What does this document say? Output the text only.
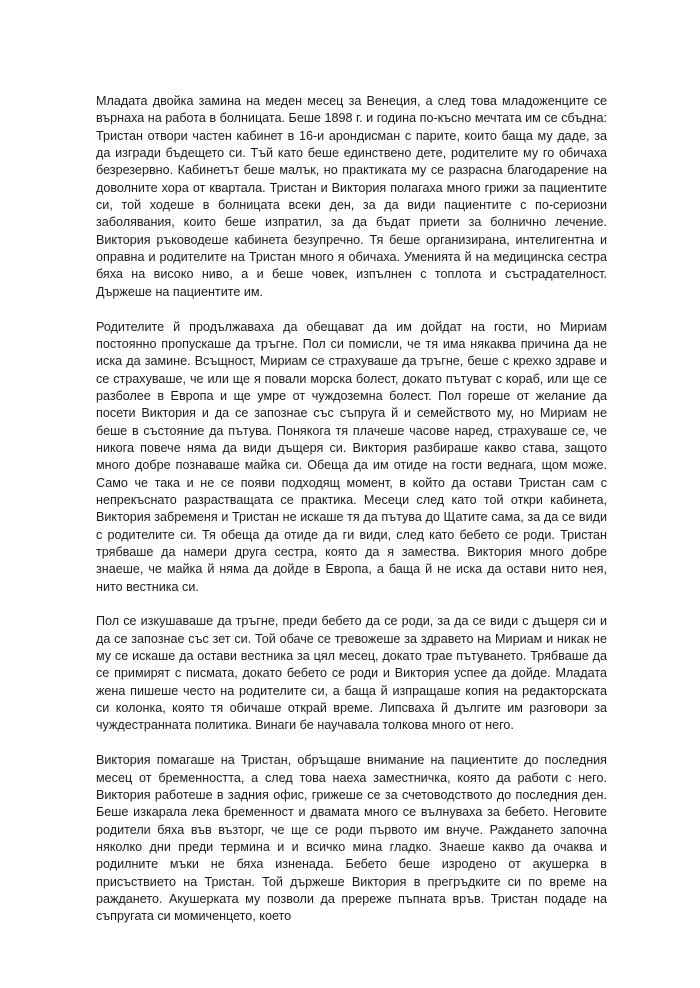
Младата двойка замина на меден месец за Венеция, а след това младоженците се върнаха на работа в болницата. Беше 1898 г. и година по-късно мечтата им се сбъдна: Тристан отвори частен кабинет в 16-и арондисман с парите, които баща му даде, за да изгради бъдещето си. Тъй като беше единствено дете, родителите му го обичаха безрезервно. Кабинетът беше малък, но практиката му се разрасна благодарение на доволните хора от квартала. Тристан и Виктория полагаха много грижи за пациентите си, той ходеше в болницата всеки ден, за да види пациентите с по-сериозни заболявания, които беше изпратил, за да бъдат приети за болнично лечение. Виктория ръководеше кабинета безупречно. Тя беше организирана, интелигентна и оправна и родителите на Тристан много я обичаха. Уменията й на медицинска сестра бяха на високо ниво, а и беше човек, изпълнен с топлота и състрадателност. Държеше на пациентите им.

Родителите й продължаваха да обещават да им дойдат на гости, но Мириам постоянно пропускаше да тръгне. Пол си помисли, че тя има някаква причина да не иска да замине. Всъщност, Мириам се страхуваше да тръгне, беше с крехко здраве и се страхуваше, че или ще я повали морска болест, докато пътуват с кораб, или ще се разболее в Европа и ще умре от чуждоземна болест. Пол гореше от желание да посети Виктория и да се запознае със съпруга й и семейството му, но Мириам не беше в състояние да пътува. Понякога тя плачеше часове наред, страхуваше се, че никога повече няма да види дъщеря си. Виктория разбираше какво става, защото много добре познаваше майка си. Обеща да им отиде на гости веднага, щом може. Само че така и не се появи подходящ момент, в който да остави Тристан сам с непрекъснато разрастващата се практика. Месеци след като той откри кабинета, Виктория забременя и Тристан не искаше тя да пътува до Щатите сама, за да се види с родителите си. Тя обеща да отиде да ги види, след като бебето се роди. Тристан трябваше да намери друга сестра, която да я замества. Виктория много добре знаеше, че майка й няма да дойде в Европа, а баща й не иска да остави нито нея, нито вестника си.

Пол се изкушаваше да тръгне, преди бебето да се роди, за да се види с дъщеря си и да се запознае със зет си. Той обаче се тревожеше за здравето на Мириам и никак не му се искаше да остави вестника за цял месец, докато трае пътуването. Трябваше да се примирят с писмата, докато бебето се роди и Виктория успее да дойде. Младата жена пишеше често на родителите си, а баща й изпращаше копия на редакторската си колонка, която тя обичаше открай време. Липсваха й дългите им разговори за чуждестранната политика. Винаги бе научавала толкова много от него.

Виктория помагаше на Тристан, обръщаше внимание на пациентите до последния месец от бременността, а след това наеха заместничка, която да работи с него. Виктория работеше в задния офис, грижеше се за счетоводството до последния ден. Беше изкарала лека бременност и двамата много се вълнуваха за бебето. Неговите родители бяха във възторг, че ще се роди първото им внуче. Раждането започна няколко дни преди термина и и всичко мина гладко. Знаеше какво да очаква и родилните мъки не бяха изненада. Бебето беше изродено от акушерка в присъствието на Тристан. Той държеше Виктория в прегръдките си по време на раждането. Акушерката му позволи да прережe пъпната връв. Тристан подаде на съпругата си момиченцето, което
